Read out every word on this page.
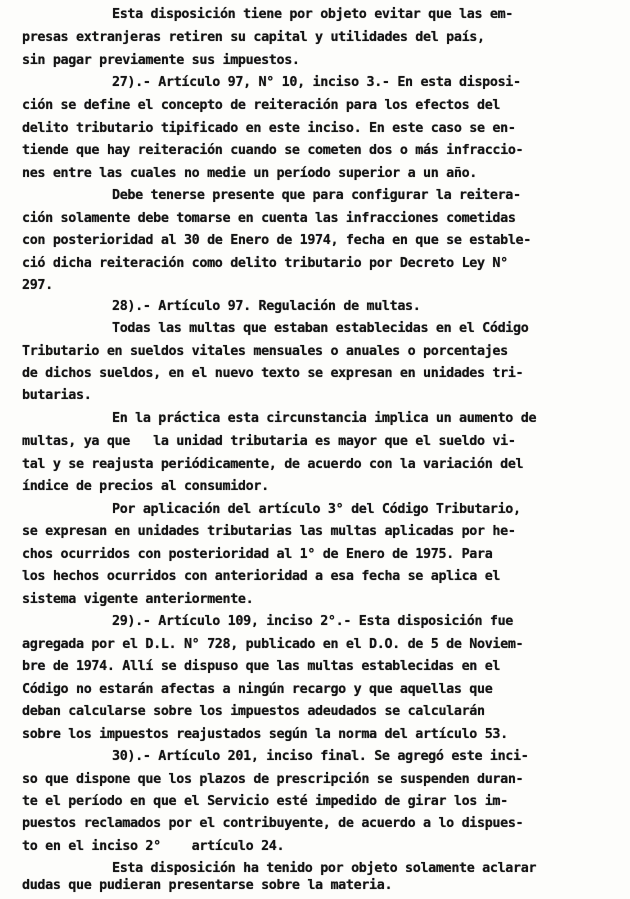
Esta disposición tiene por objeto evitar que las em-
presas extranjeras retiren su capital y utilidades del país,
sin pagar previamente sus impuestos.
27).- Artículo 97, N° 10, inciso 3.- En esta disposi-
ción se define el concepto de reiteración para los efectos del
delito tributario tipificado en este inciso. En este caso se en-
tiende que hay reiteración cuando se cometen dos o más infraccio-
nes entre las cuales no medie un período superior a un año.
Debe tenerse presente que para configurar la reitera-
ción solamente debe tomarse en cuenta las infracciones cometidas
con posterioridad al 30 de Enero de 1974, fecha en que se estable-
ció dicha reiteración como delito tributario por Decreto Ley N°
297.
28).- Artículo 97. Regulación de multas.
Todas las multas que estaban establecidas en el Código
Tributario en sueldos vitales mensuales o anuales o porcentajes
de dichos sueldos, en el nuevo texto se expresan en unidades tri-
butarias.
En la práctica esta circunstancia implica un aumento de
multas, ya que   la unidad tributaria es mayor que el sueldo vi-
tal y se reajusta periódicamente, de acuerdo con la variación del
índice de precios al consumidor.
Por aplicación del artículo 3° del Código Tributario,
se expresan en unidades tributarias las multas aplicadas por he-
chos ocurridos con posterioridad al 1° de Enero de 1975. Para
los hechos ocurridos con anterioridad a esa fecha se aplica el
sistema vigente anteriormente.
29).- Artículo 109, inciso 2°.- Esta disposición fue
agregada por el D.L. N° 728, publicado en el D.O. de 5 de Noviem-
bre de 1974. Allí se dispuso que las multas establecidas en el
Código no estarán afectas a ningún recargo y que aquellas que
deban calcularse sobre los impuestos adeudados se calcularán
sobre los impuestos reajustados según la norma del artículo 53.
30).- Artículo 201, inciso final. Se agregó este inci-
so que dispone que los plazos de prescripción se suspenden duran-
te el período en que el Servicio esté impedido de girar los im-
puestos reclamados por el contribuyente, de acuerdo a lo dispues-
to en el inciso 2°    artículo 24.
Esta disposición ha tenido por objeto solamente aclarar
dudas que pudieran presentarse sobre la materia.
